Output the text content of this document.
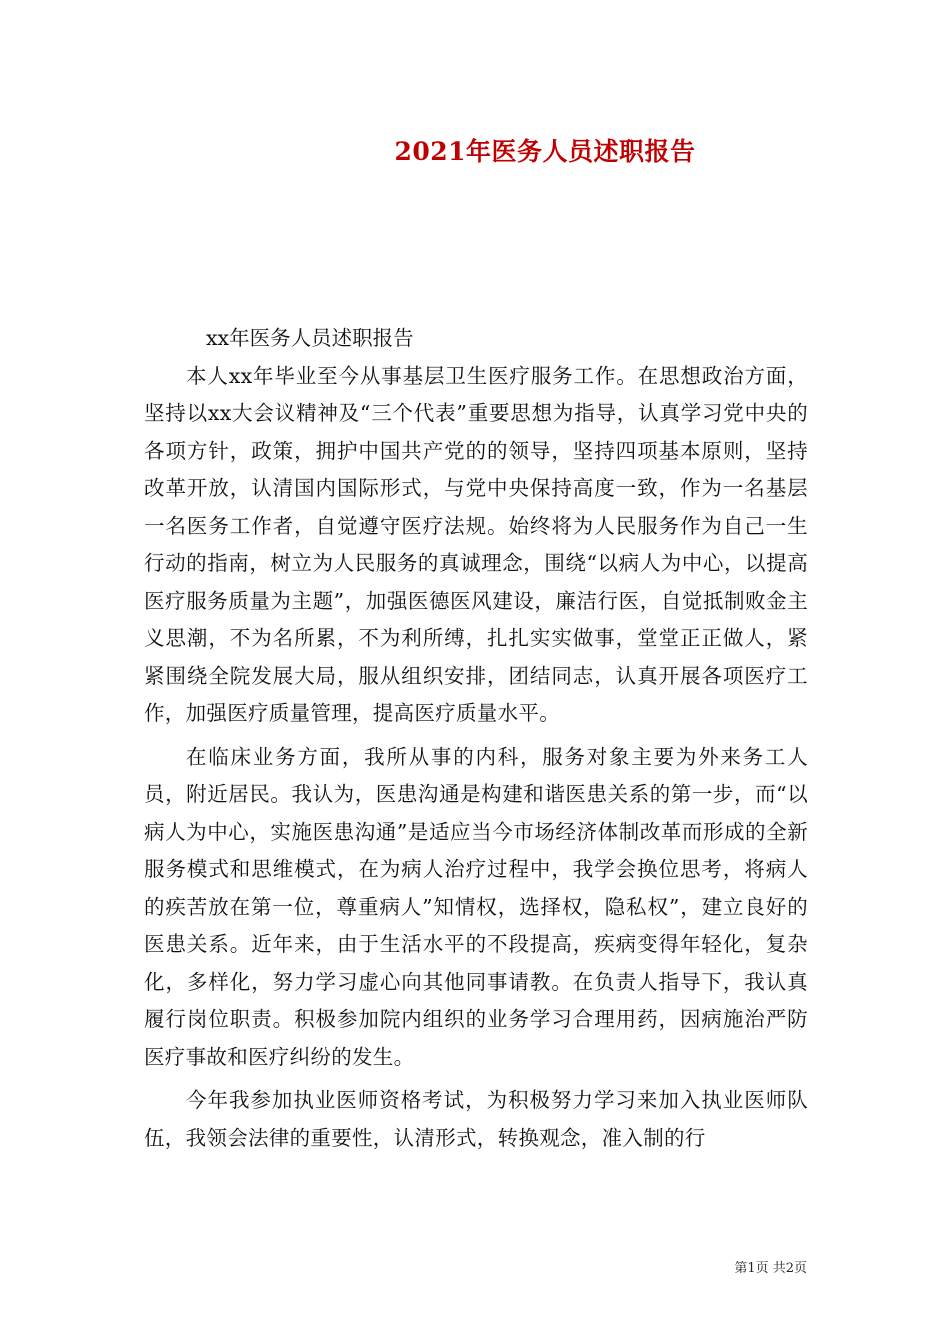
2021年医务人员述职报告

xx年医务人员述职报告

本人xx年毕业至今从事基层卫生医疗服务工作。在思想政治方面，坚持以xx大会议精神及“三个代表”重要思想为指导，认真学习党中央的各项方针，政策，拥护中国共产党的的领导，坚持四项基本原则，坚持改革开放，认清国内国际形式，与党中央保持高度一致，作为一名基层一名医务工作者，自觉遵守医疗法规。始终将为人民服务作为自己一生行动的指南，树立为人民服务的真诚理念，围绕“以病人为中心，以提高医疗服务质量为主题”，加强医德医风建设，廉洁行医，自觉抵制败金主义思潮，不为名所累，不为利所缚，扎扎实实做事，堂堂正正做人，紧紧围绕全院发展大局，服从组织安排，团结同志，认真开展各项医疗工作，加强医疗质量管理，提高医疗质量水平。

在临床业务方面，我所从事的内科，服务对象主要为外来务工人员，附近居民。我认为，医患沟通是构建和谐医患关系的第一步，而“以病人为中心，实施医患沟通”是适应当今市场经济体制改革而形成的全新服务模式和思维模式，在为病人治疗过程中，我学会换位思考，将病人的疾苦放在第一位，尊重病人”知情权，选择权，隐私权”，建立良好的医患关系。近年来，由于生活水平的不段提高，疾病变得年轻化，复杂化，多样化，努力学习虚心向其他同事请教。在负责人指导下，我认真履行岗位职责。积极参加院内组织的业务学习合理用药，因病施治严防医疗事故和医疗纠纷的发生。

今年我参加执业医师资格考试，为积极努力学习来加入执业医师队伍，我领会法律的重要性，认清形式，转换观念，准入制的行

第1页 共2页
